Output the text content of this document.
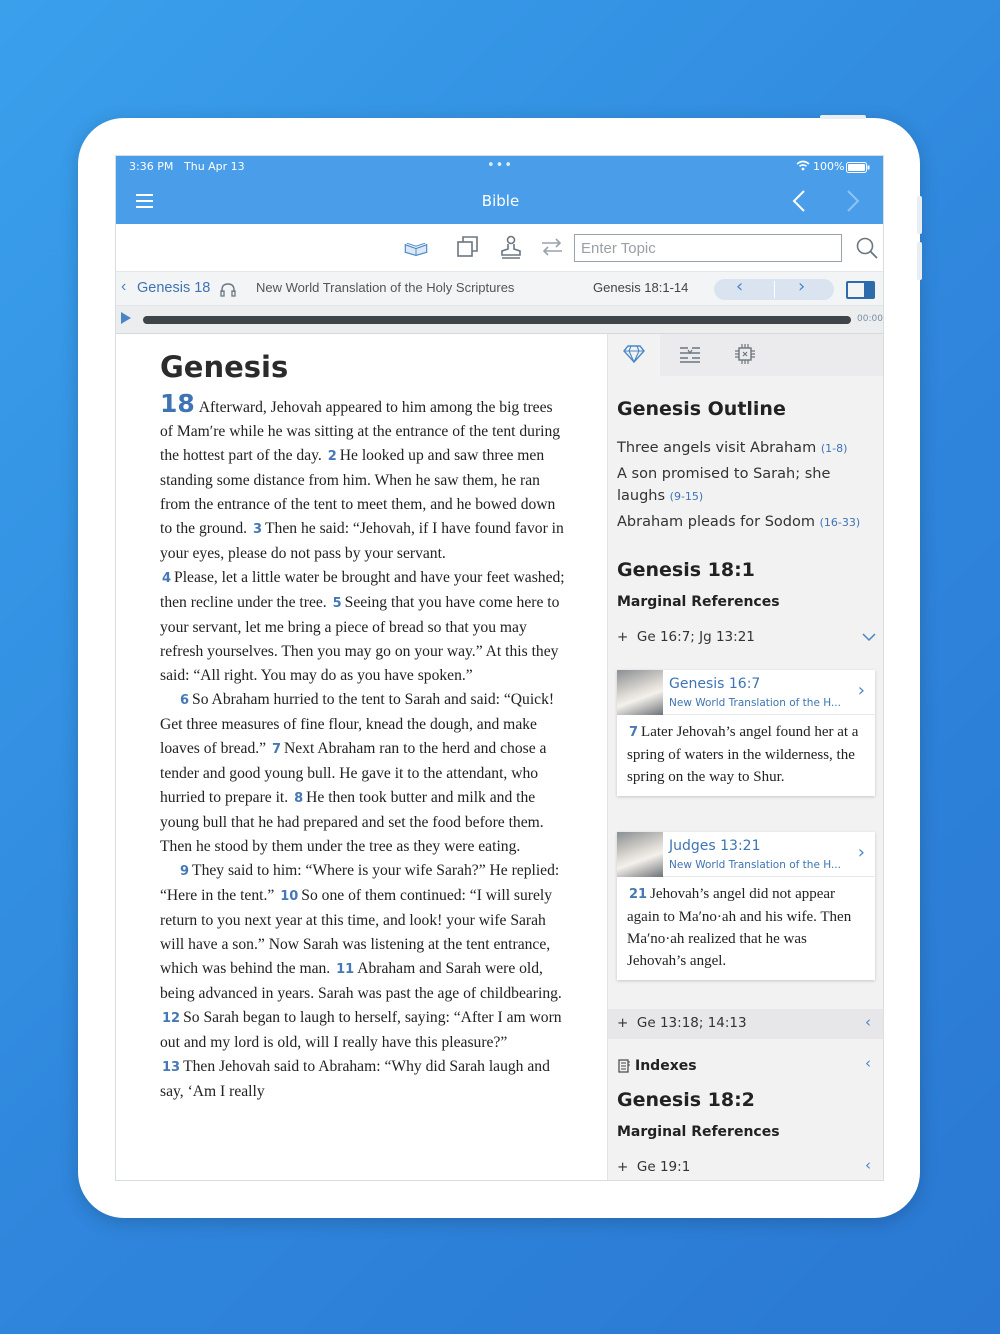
3:36 PM Thu Apr 13	•••	100%
Bible
Enter Topic
‹ Genesis 18	New World Translation of the Holy Scriptures	Genesis 18:1-14	‹	›
00:00
Genesis

18 Afterward, Jehovah appeared to him among the big trees of Mamʹre while he was sitting at the entrance of the tent during the hottest part of the day. 2 He looked up and saw three men standing some distance from him. When he saw them, he ran from the entrance of the tent to meet them, and he bowed down to the ground. 3 Then he said: “Jehovah, if I have found favor in your eyes, please do not pass by your servant.

4 Please, let a little water be brought and have your feet washed; then recline under the tree. 5 Seeing that you have come here to your servant, let me bring a piece of bread so that you may refresh yourselves. Then you may go on your way.” At this they said: “All right. You may do as you have spoken.”

6 So Abraham hurried to the tent to Sarah and said: “Quick! Get three measures of fine flour, knead the dough, and make loaves of bread.” 7 Next Abraham ran to the herd and chose a tender and good young bull. He gave it to the attendant, who hurried to prepare it. 8 He then took butter and milk and the young bull that he had prepared and set the food before them. Then he stood by them under the tree as they were eating.

9 They said to him: “Where is your wife Sarah?” He replied: “Here in the tent.” 10 So one of them continued: “I will surely return to you next year at this time, and look! your wife Sarah will have a son.” Now Sarah was listening at the tent entrance, which was behind the man. 11 Abraham and Sarah were old, being advanced in years. Sarah was past the age of childbearing. 12 So Sarah began to laugh to herself, saying: “After I am worn out and my lord is old, will I really have this pleasure?” 13 Then Jehovah said to Abraham: “Why did Sarah laugh and say, ‘Am I really

Genesis Outline
Three angels visit Abraham (1-8)
A son promised to Sarah; she laughs (9-15)
Abraham pleads for Sodom (16-33)
Genesis 18:1
Marginal References
+ Ge 16:7; Jg 13:21
Genesis 16:7
New World Translation of the H...
›
7 Later Jehovah’s angel found her at a spring of waters in the wilderness, the spring on the way to Shur.
Judges 13:21
New World Translation of the H...
›
21 Jehovah’s angel did not appear again to Maʹno·ah and his wife. Then Maʹno·ah realized that he was Jehovah’s angel.
+ Ge 13:18; 14:13	‹
Indexes	‹
Genesis 18:2
Marginal References
+ Ge 19:1	‹
